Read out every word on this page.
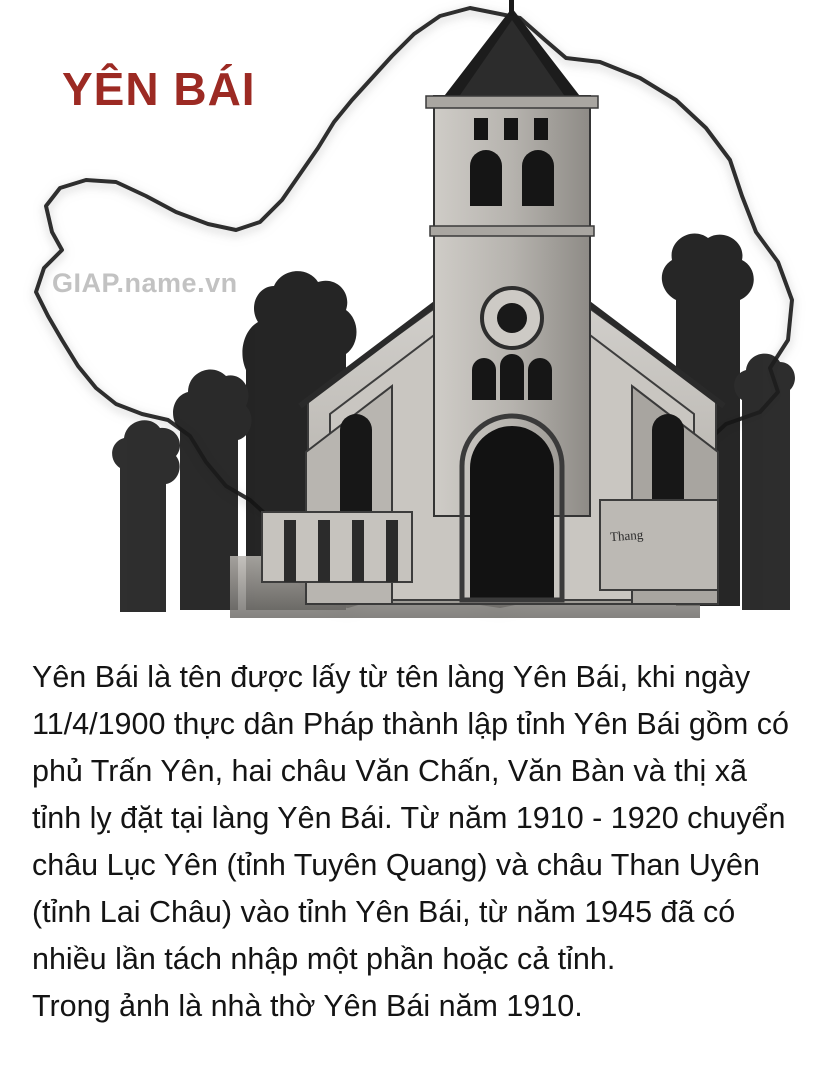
YÊN BÁI
GIAP.name.vn
Thang

Yên Bái là tên được lấy từ tên làng Yên Bái, khi ngày 11/4/1900 thực dân Pháp thành lập tỉnh Yên Bái gồm có phủ Trấn Yên, hai châu Văn Chấn, Văn Bàn và thị xã tỉnh lỵ đặt tại làng Yên Bái. Từ năm 1910 - 1920 chuyển châu Lục Yên (tỉnh Tuyên Quang) và châu Than Uyên (tỉnh Lai Châu) vào tỉnh Yên Bái, từ năm 1945 đã có nhiều lần tách nhập một phần hoặc cả tỉnh.

Trong ảnh là nhà thờ Yên Bái năm 1910.
